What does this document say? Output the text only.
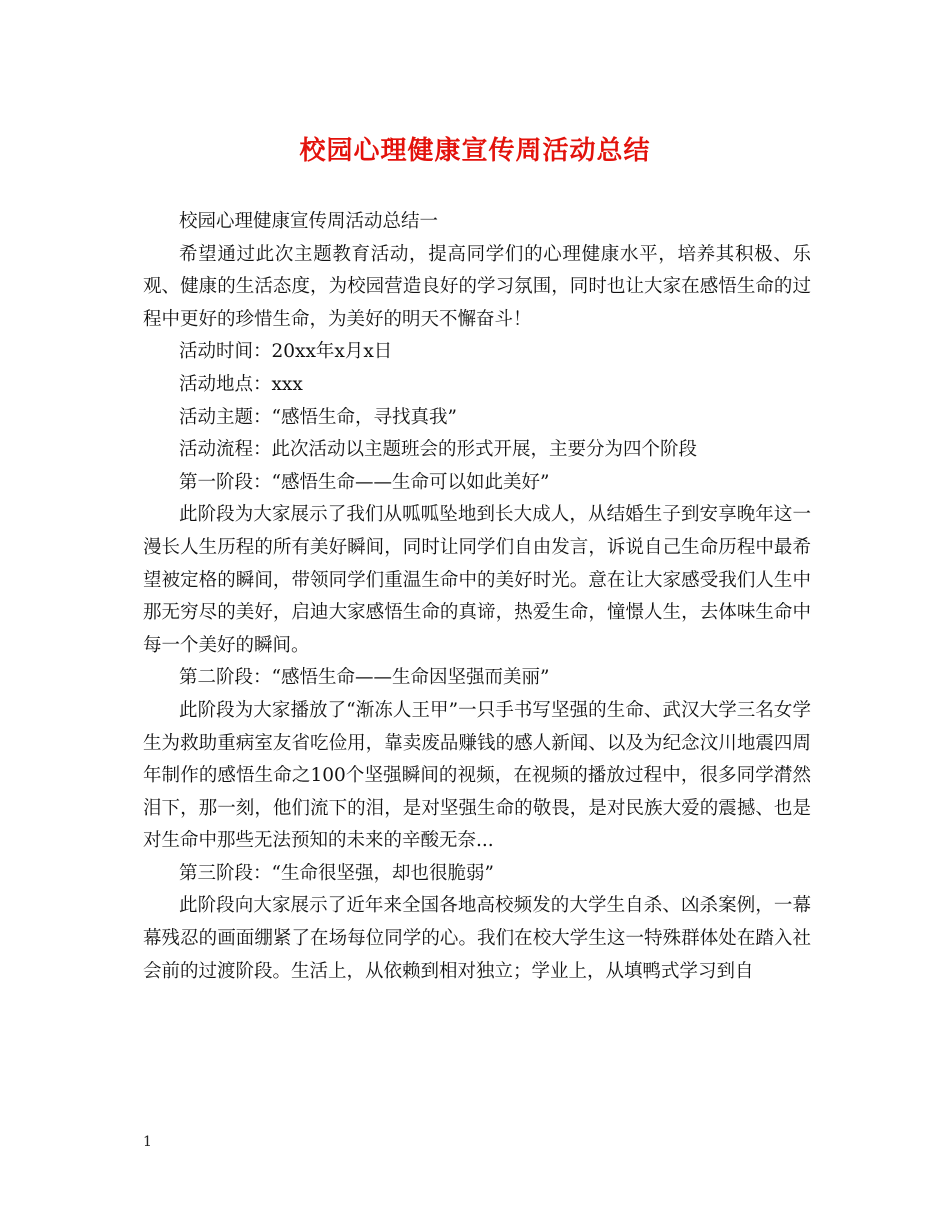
校园心理健康宣传周活动总结

校园心理健康宣传周活动总结一

希望通过此次主题教育活动，提高同学们的心理健康水平，培养其积极、乐观、健康的生活态度，为校园营造良好的学习氛围，同时也让大家在感悟生命的过程中更好的珍惜生命，为美好的明天不懈奋斗！

活动时间：20xx年x月x日

活动地点：xxx

活动主题：“感悟生命，寻找真我”

活动流程：此次活动以主题班会的形式开展，主要分为四个阶段

第一阶段：“感悟生命——生命可以如此美好”

此阶段为大家展示了我们从呱呱坠地到长大成人，从结婚生子到安享晚年这一漫长人生历程的所有美好瞬间，同时让同学们自由发言，诉说自己生命历程中最希望被定格的瞬间，带领同学们重温生命中的美好时光。意在让大家感受我们人生中那无穷尽的美好，启迪大家感悟生命的真谛，热爱生命，憧憬人生，去体味生命中每一个美好的瞬间。

第二阶段：“感悟生命——生命因坚强而美丽”

此阶段为大家播放了“渐冻人王甲”一只手书写坚强的生命、武汉大学三名女学生为救助重病室友省吃俭用，靠卖废品赚钱的感人新闻、以及为纪念汶川地震四周年制作的感悟生命之100个坚强瞬间的视频，在视频的播放过程中，很多同学潸然泪下，那一刻，他们流下的泪，是对坚强生命的敬畏，是对民族大爱的震撼、也是对生命中那些无法预知的未来的辛酸无奈...

第三阶段：“生命很坚强，却也很脆弱”

此阶段向大家展示了近年来全国各地高校频发的大学生自杀、凶杀案例，一幕幕残忍的画面绷紧了在场每位同学的心。我们在校大学生这一特殊群体处在踏入社会前的过渡阶段。生活上，从依赖到相对独立；学业上，从填鸭式学习到自

1
